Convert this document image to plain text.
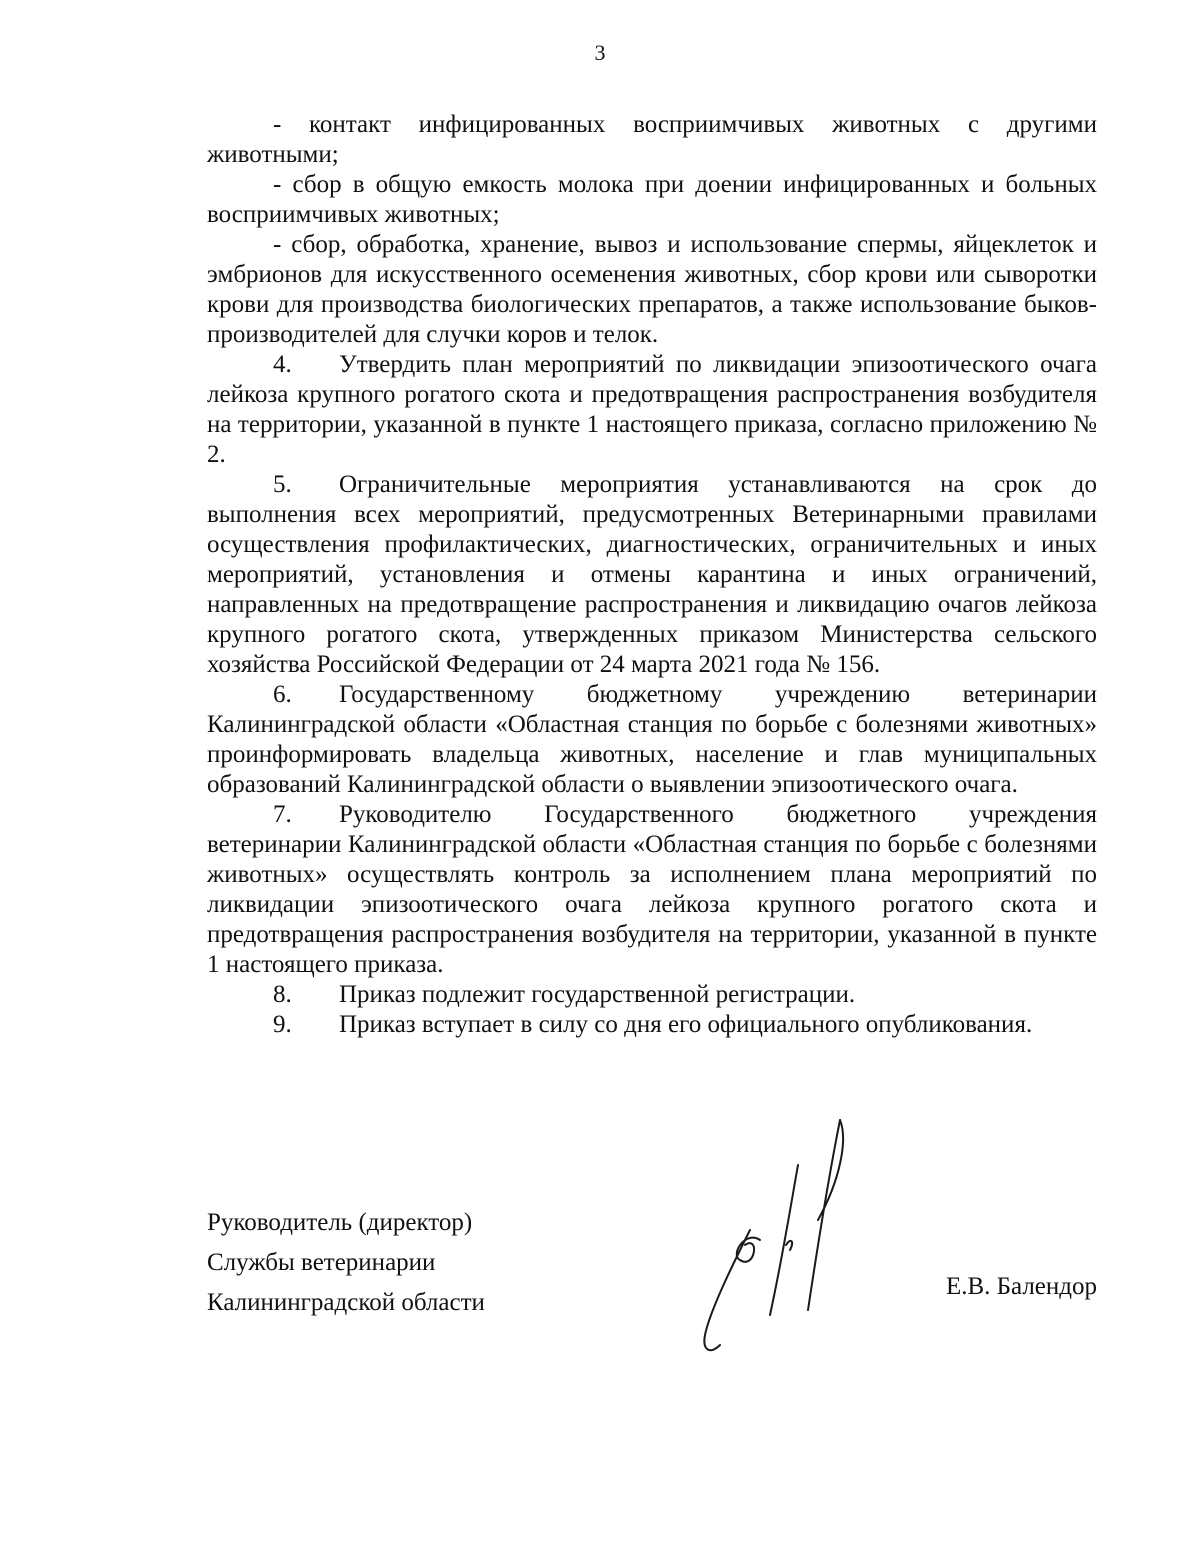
3

- контакт инфицированных восприимчивых животных с другими животными;

- сбор в общую емкость молока при доении инфицированных и больных восприимчивых животных;

- сбор, обработка, хранение, вывоз и использование спермы, яйцеклеток и эмбрионов для искусственного осеменения животных, сбор крови или сыворотки крови для производства биологических препаратов, а также использование быков-производителей для случки коров и телок.

4. Утвердить план мероприятий по ликвидации эпизоотического очага лейкоза крупного рогатого скота и предотвращения распространения возбудителя на территории, указанной в пункте 1 настоящего приказа, согласно приложению № 2.

5. Ограничительные мероприятия устанавливаются на срок до выполнения всех мероприятий, предусмотренных Ветеринарными правилами осуществления профилактических, диагностических, ограничительных и иных мероприятий, установления и отмены карантина и иных ограничений, направленных на предотвращение распространения и ликвидацию очагов лейкоза крупного рогатого скота, утвержденных приказом Министерства сельского хозяйства Российской Федерации от 24 марта 2021 года № 156.

6. Государственному бюджетному учреждению ветеринарии Калининградской области «Областная станция по борьбе с болезнями животных» проинформировать владельца животных, население и глав муниципальных образований Калининградской области о выявлении эпизоотического очага.

7. Руководителю Государственного бюджетного учреждения ветеринарии Калининградской области «Областная станция по борьбе с болезнями животных» осуществлять контроль за исполнением плана мероприятий по ликвидации эпизоотического очага лейкоза крупного рогатого скота и предотвращения распространения возбудителя на территории, указанной в пункте 1 настоящего приказа.

8. Приказ подлежит государственной регистрации.

9. Приказ вступает в силу со дня его официального опубликования.

Руководитель (директор)
Службы ветеринарии
Калининградской области
Е.В. Балендор
